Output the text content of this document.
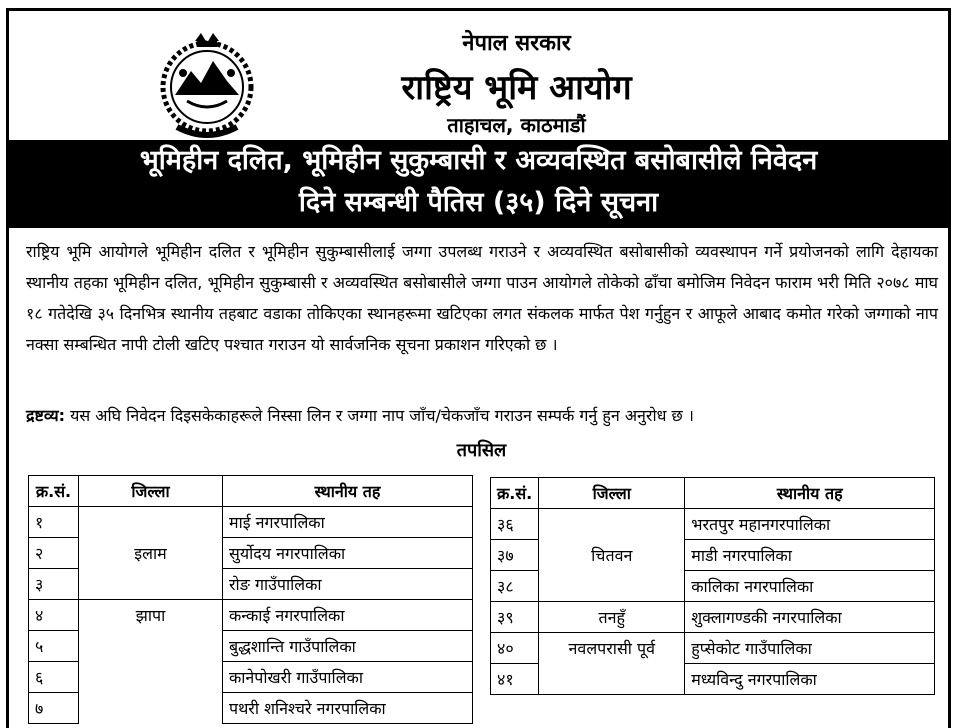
नेपाल सरकार
राष्ट्रिय भूमि आयोग
ताहाचल, काठमाडौं
भूमिहीन दलित, भूमिहीन सुकुम्बासी र अव्यवस्थित बसोबासीले निवेदन
दिने सम्बन्धी पैतिस (३५) दिने सूचना
राष्ट्रिय भूमि आयोगले भूमिहीन दलित र भूमिहीन सुकुम्बासीलाई जग्गा उपलब्ध गराउने र अव्यवस्थित बसोबासीको व्यवस्थापन गर्ने प्रयोजनको लागि देहायका स्थानीय तहका भूमिहीन दलित, भूमिहीन सुकुम्बासी र अव्यवस्थित बसोबासीले जग्गा पाउन आयोगले तोकेको ढाँचा बमोजिम निवेदन फाराम भरी मिति २०७८ माघ १८ गतेदेखि ३५ दिनभित्र स्थानीय तहबाट वडाका तोकिएका स्थानहरूमा खटिएका लगत संकलक मार्फत पेश गर्नुहुन र आफूले आबाद कमोत गरेको जग्गाको नाप नक्सा सम्बन्धित नापी टोली खटिए पश्चात गराउन यो सार्वजनिक सूचना प्रकाशन गरिएको छ ।
द्रष्टव्य: यस अघि निवेदन दिइसकेकाहरूले निस्सा लिन र जग्गा नाप जाँच/चेकजाँच गराउन सम्पर्क गर्नु हुन अनुरोध छ ।
तपसिल
क्र.सं.	जिल्ला	स्थानीय तह
१	इलाम	माई नगरपालिका
२		सुर्योदय नगरपालिका
३		रोङ गाउँपालिका
४	झापा	कन्काई नगरपालिका
५		बुद्धशान्ति गाउँपालिका
६		कानेपोखरी गाउँपालिका
७		पथरी शनिश्चरे नगरपालिका
क्र.सं.	जिल्ला	स्थानीय तह
३६	चितवन	भरतपुर महानगरपालिका
३७		माडी नगरपालिका
३८		कालिका नगरपालिका
३९	तनहुँ	शुक्लागण्डकी नगरपालिका
४०	नवलपरासी पूर्व	हुप्सेकोट गाउँपालिका
४१		मध्यविन्दु नगरपालिका
